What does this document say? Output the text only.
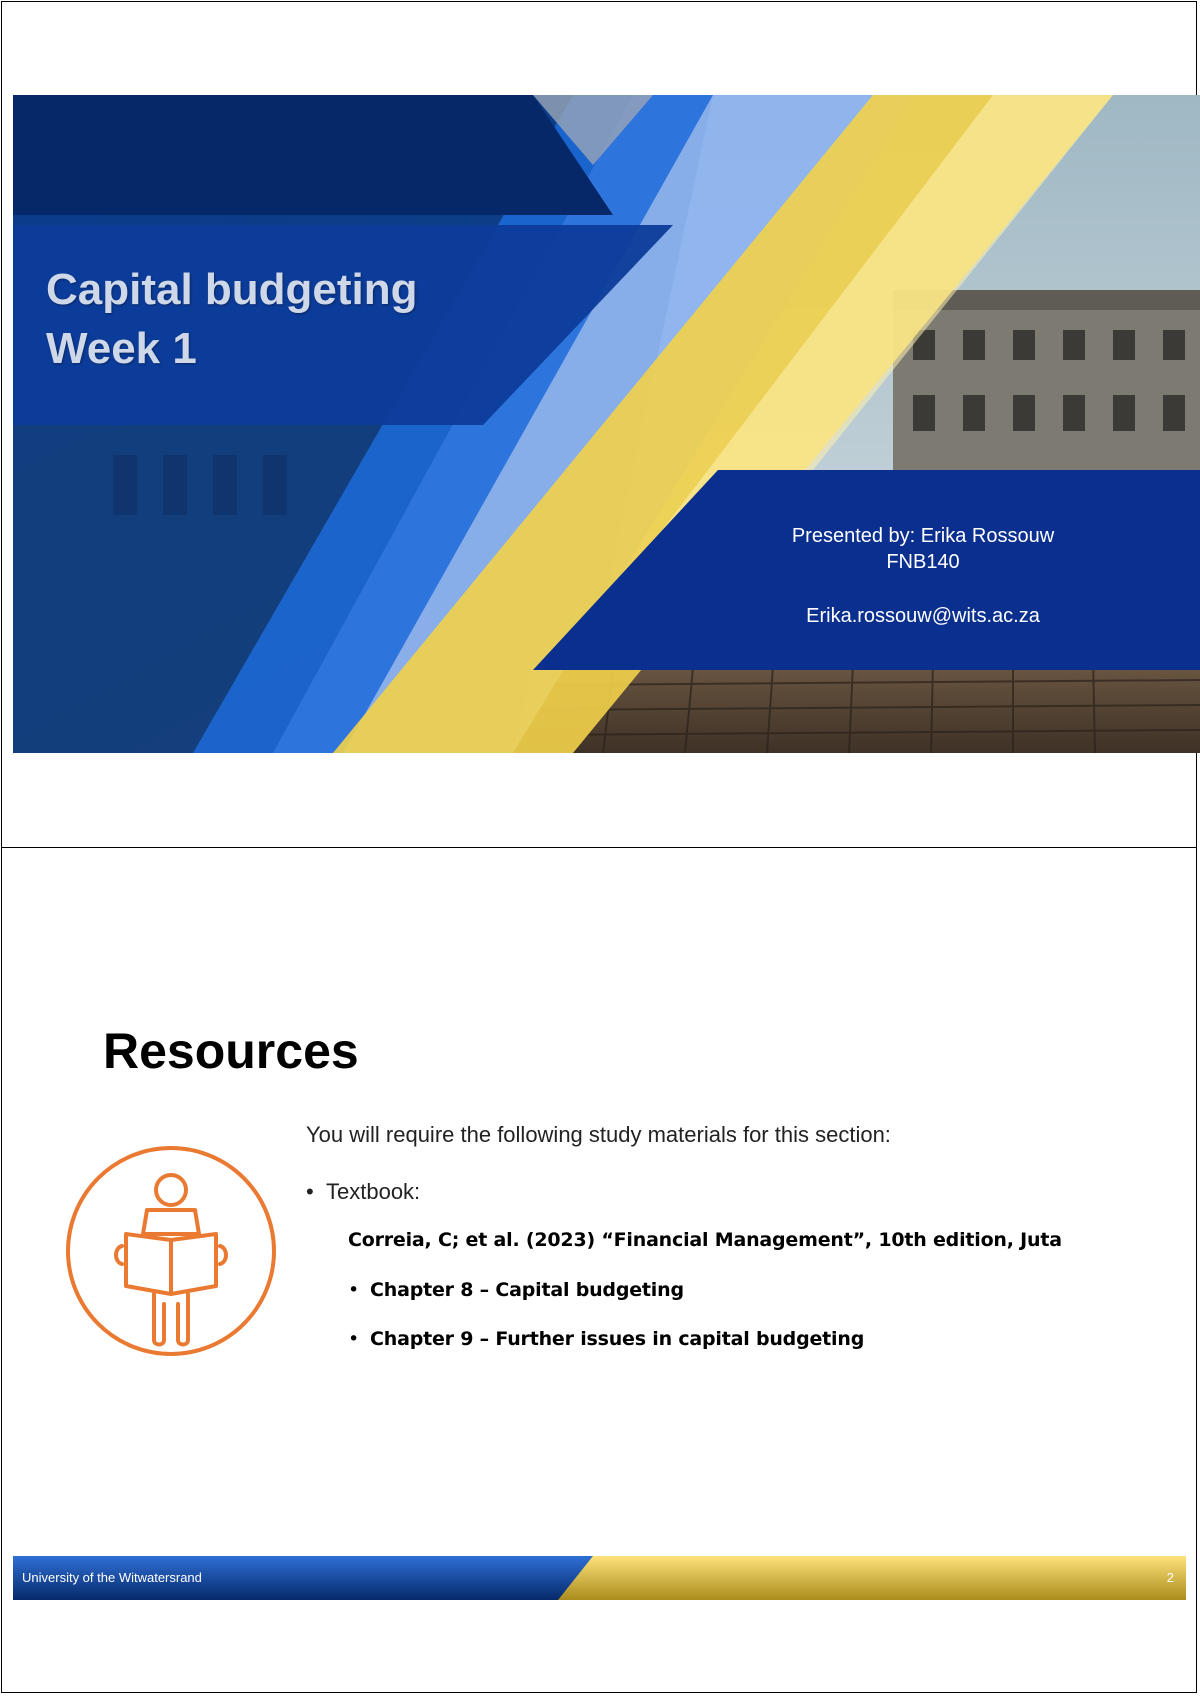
Capital budgeting
Week 1
Presented by: Erika Rossouw
FNB140
Erika.rossouw@wits.ac.za
Resources
You will require the following study materials for this section:
• Textbook:
Correia, C; et al. (2023) “Financial Management”, 10th edition, Juta
• Chapter 8 – Capital budgeting
• Chapter 9 – Further issues in capital budgeting
University of the Witwatersrand	2
